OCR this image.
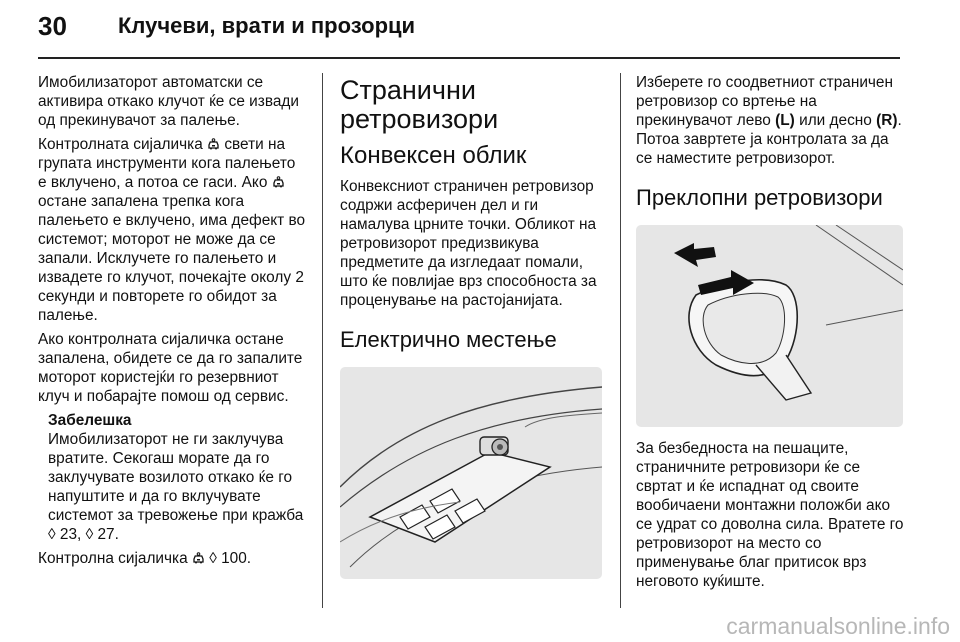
30 Клучеви, врати и прозорци

Имобилизаторот автоматски се активира откако клучот ќе се извади од прекинувачот за палење.

Контролната сијаличка свети на групата инструменти кога палењето е вклучено, а потоа се гаси. Ако  остане запалена трепка кога палењето е вклучено, има дефект во системот; моторот не може да се запали. Исклучете го палењето и извадете го клучот, почекајте околу 2 секунди и повторете го обидот за палење.

Ако контролната сијаличка остане запалена, обидете се да го запалите моторот користејќи го резервниот клуч и побарајте помош од сервис.

Забелешка
Имобилизаторот не ги заклучува вратите. Секогаш морате да го заклучувате возилото откако ќе го напуштите и да го вклучувате системот за тревожење при кражба ◊ 23, ◊ 27.

Контролна сијаличка ◊ 100.

Странични ретровизори
Конвексен облик

Конвексниот страничен ретровизор содржи асферичен дел и ги намалува црните точки. Обликот на ретровизорот предизвикува предметите да изгледаат помали, што ќе повлијае врз способноста за проценување на растојанијата.

Електрично местење

Изберете го соодветниот страничен ретровизор со вртење на прекинувачот лево (L) или десно (R). Потоа завртете ја контролата за да се наместите ретровизорот.

Преклопни ретровизори

За безбедноста на пешаците, страничните ретровизори ќе се свртат и ќе испаднат од своите вообичаени монтажни положби ако се удрат со доволна сила. Вратете го ретровизорот на место со применување благ притисок врз неговото куќиште.

carmanualsonline.info
